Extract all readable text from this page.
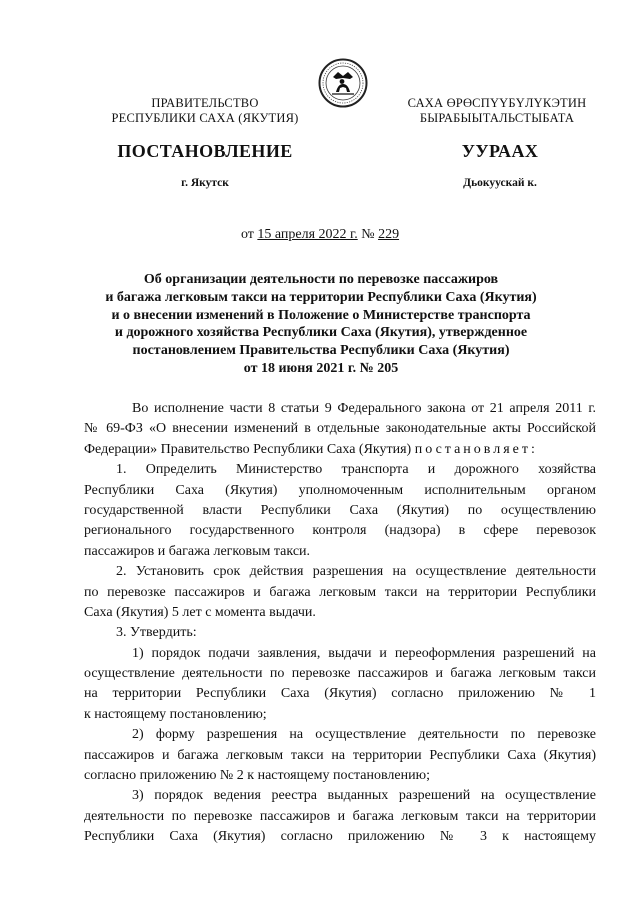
ПРАВИТЕЛЬСТВО
РЕСПУБЛИКИ САХА (ЯКУТИЯ)
САХА ӨРӨСПҮҮБҮЛҮКЭТИН
БЫРАБЫЫТАЛЬСТЫБАТА
ПОСТАНОВЛЕНИЕ	УУРААХ
г. Якутск	Дьокуускай к.
от 15 апреля 2022 г. № 229
Об организации деятельности по перевозке пассажиров
и багажа легковым такси на территории Республики Саха (Якутия)
и о внесении изменений в Положение о Министерстве транспорта
и дорожного хозяйства Республики Саха (Якутия), утвержденное
постановлением Правительства Республики Саха (Якутия)
от 18 июня 2021 г. № 205
Во исполнение части 8 статьи 9 Федерального закона от 21 апреля 2011 г.
№ 69-ФЗ «О внесении изменений в отдельные законодательные акты Российской
Федерации» Правительство Республики Саха (Якутия) постановляет:
1. Определить Министерство транспорта и дорожного хозяйства
Республики Саха (Якутия) уполномоченным исполнительным органом
государственной власти Республики Саха (Якутия) по осуществлению
регионального государственного контроля (надзора) в сфере перевозок
пассажиров и багажа легковым такси.
2. Установить срок действия разрешения на осуществление деятельности
по перевозке пассажиров и багажа легковым такси на территории Республики
Саха (Якутия) 5 лет с момента выдачи.
3. Утвердить:
1) порядок подачи заявления, выдачи и переоформления разрешений на
осуществление деятельности по перевозке пассажиров и багажа легковым такси
на территории Республики Саха (Якутия) согласно приложению № 1
к настоящему постановлению;
2) форму разрешения на осуществление деятельности по перевозке
пассажиров и багажа легковым такси на территории Республики Саха (Якутия)
согласно приложению № 2 к настоящему постановлению;
3) порядок ведения реестра выданных разрешений на осуществление
деятельности по перевозке пассажиров и багажа легковым такси на территории
Республики Саха (Якутия) согласно приложению № 3 к настоящему
